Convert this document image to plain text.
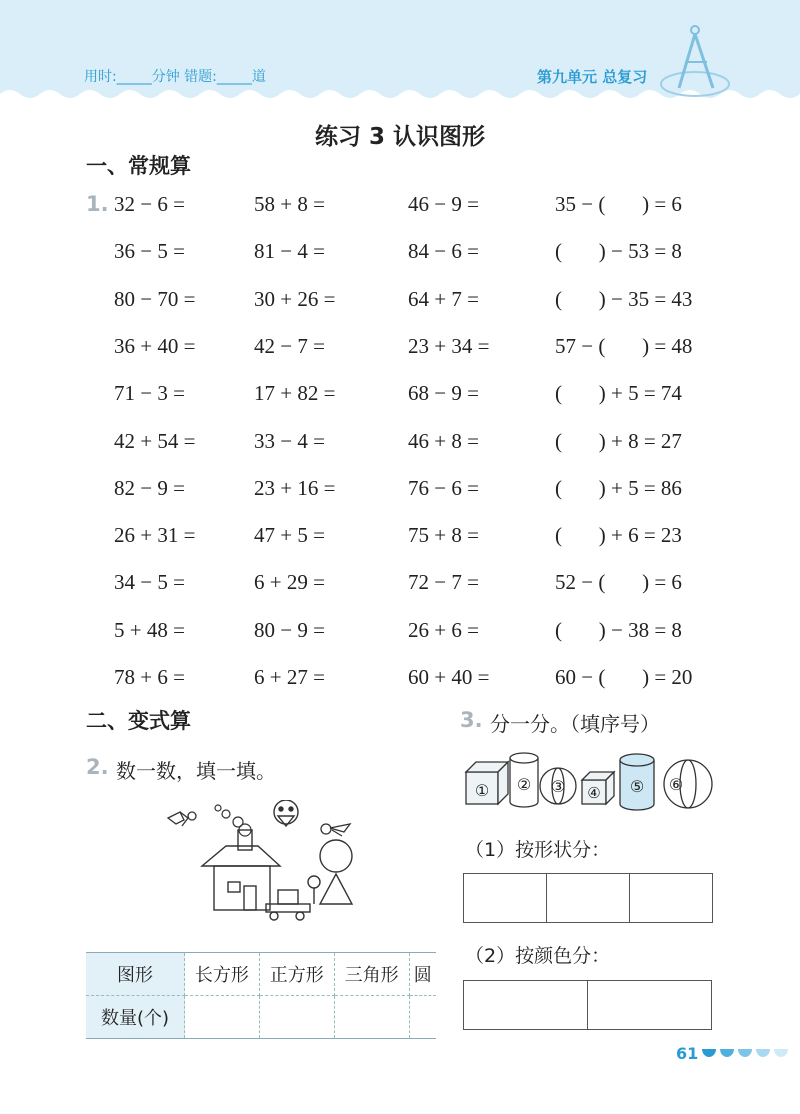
用时:_____分钟 错题:_____道	第九单元 总复习
练习 3 认识图形
一、常规算
1. 32 − 6 =	58 + 8 =	46 − 9 =	35 − (       ) = 6
36 − 5 =	81 − 4 =	84 − 6 =	(       ) − 53 = 8
80 − 70 =	30 + 26 =	64 + 7 =	(       ) − 35 = 43
36 + 40 =	42 − 7 =	23 + 34 =	57 − (       ) = 48
71 − 3 =	17 + 82 =	68 − 9 =	(       ) + 5 = 74
42 + 54 =	33 − 4 =	46 + 8 =	(       ) + 8 = 27
82 − 9 =	23 + 16 =	76 − 6 =	(       ) + 5 = 86
26 + 31 =	47 + 5 =	75 + 8 =	(       ) + 6 = 23
34 − 5 =	6 + 29 =	72 − 7 =	52 − (       ) = 6
5 + 48 =	80 − 9 =	26 + 6 =	(       ) − 38 = 8
78 + 6 =	6 + 27 =	60 + 40 =	60 − (       ) = 20
二、变式算
2. 数一数，填一填。
图形	长方形	正方形	三角形	圆
数量(个)				
3. 分一分。（填序号）
① ② ③ ④ ⑤ ⑥
（1）按形状分：
（2）按颜色分：
61
